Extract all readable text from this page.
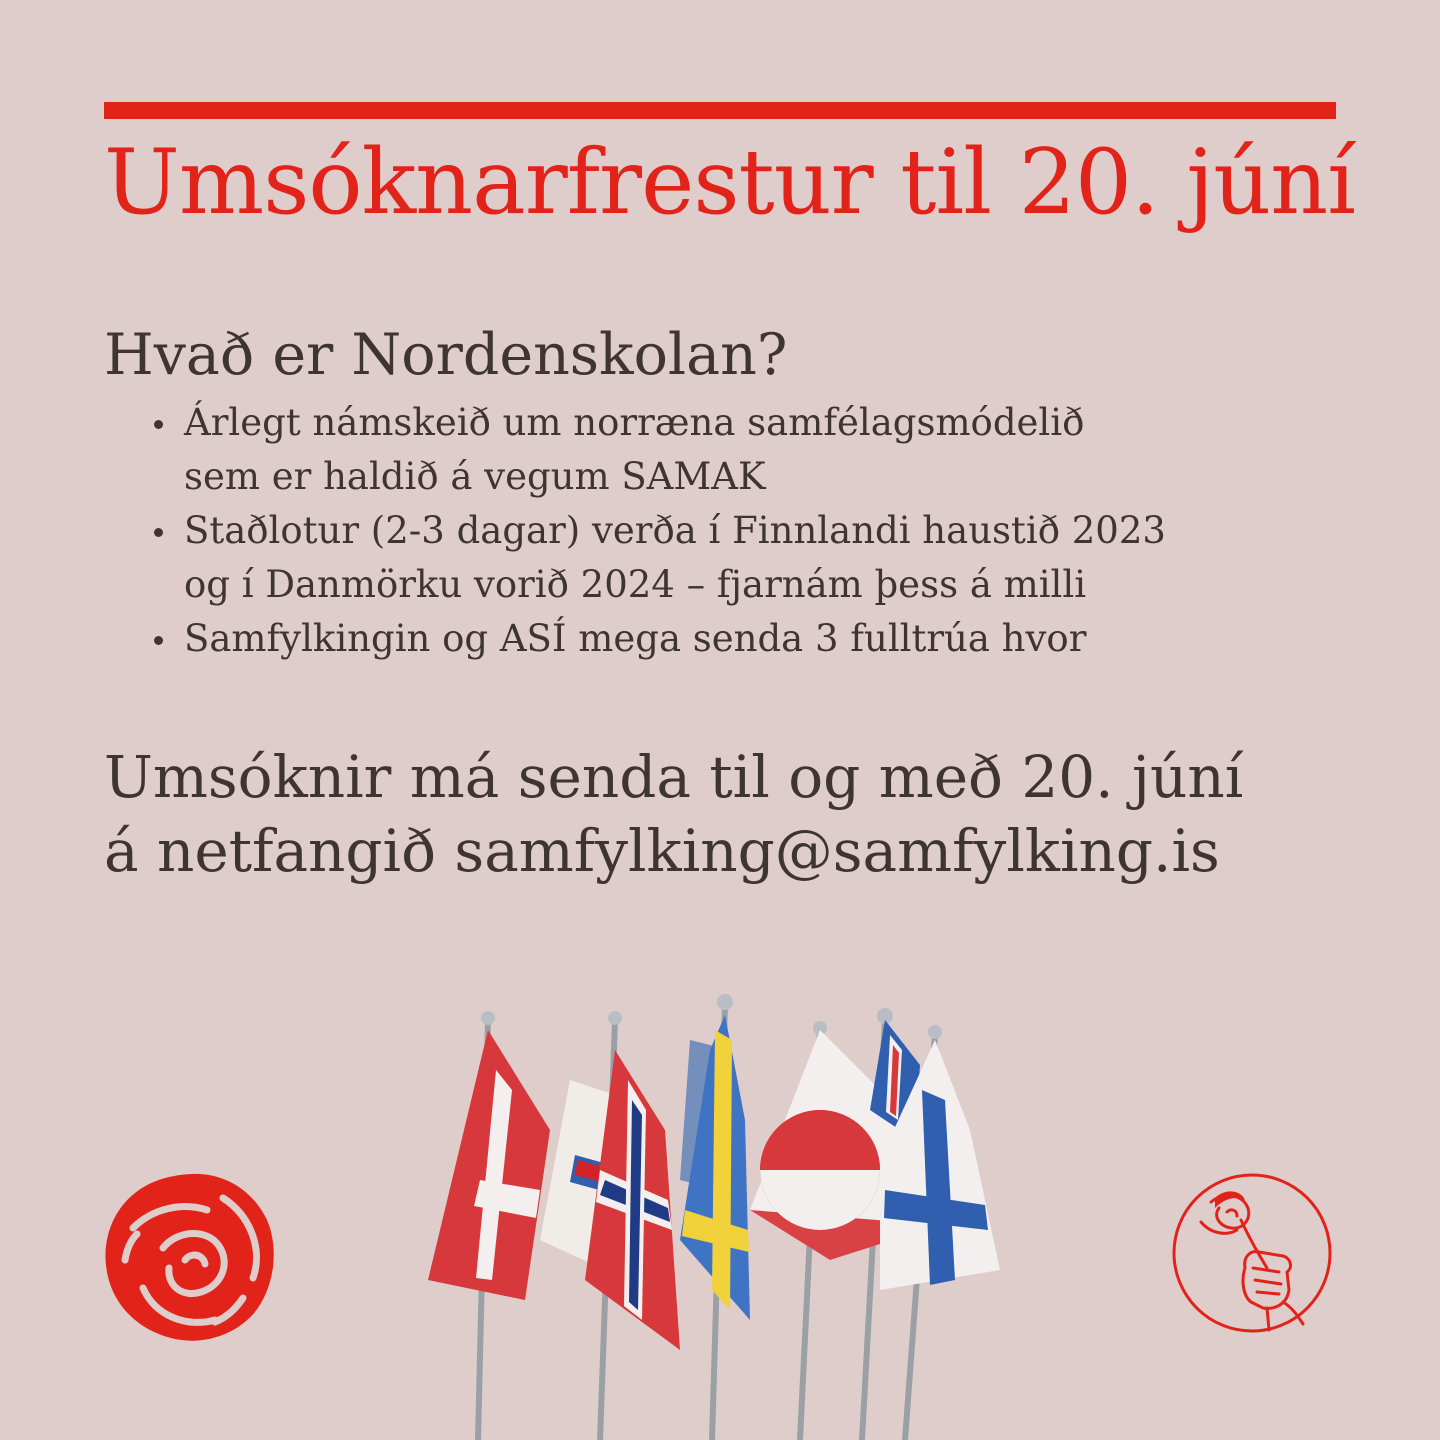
Umsóknarfrestur til 20. júní
Hvað er Nordenskolan?
Árlegt námskeið um norræna samfélagsmódelið
sem er haldið á vegum SAMAK
Staðlotur (2-3 dagar) verða í Finnlandi haustið 2023
og í Danmörku vorið 2024 – fjarnám þess á milli
Samfylkingin og ASÍ mega senda 3 fulltrúa hvor
Umsóknir má senda til og með 20. júní
á netfangið samfylking@samfylking.is
